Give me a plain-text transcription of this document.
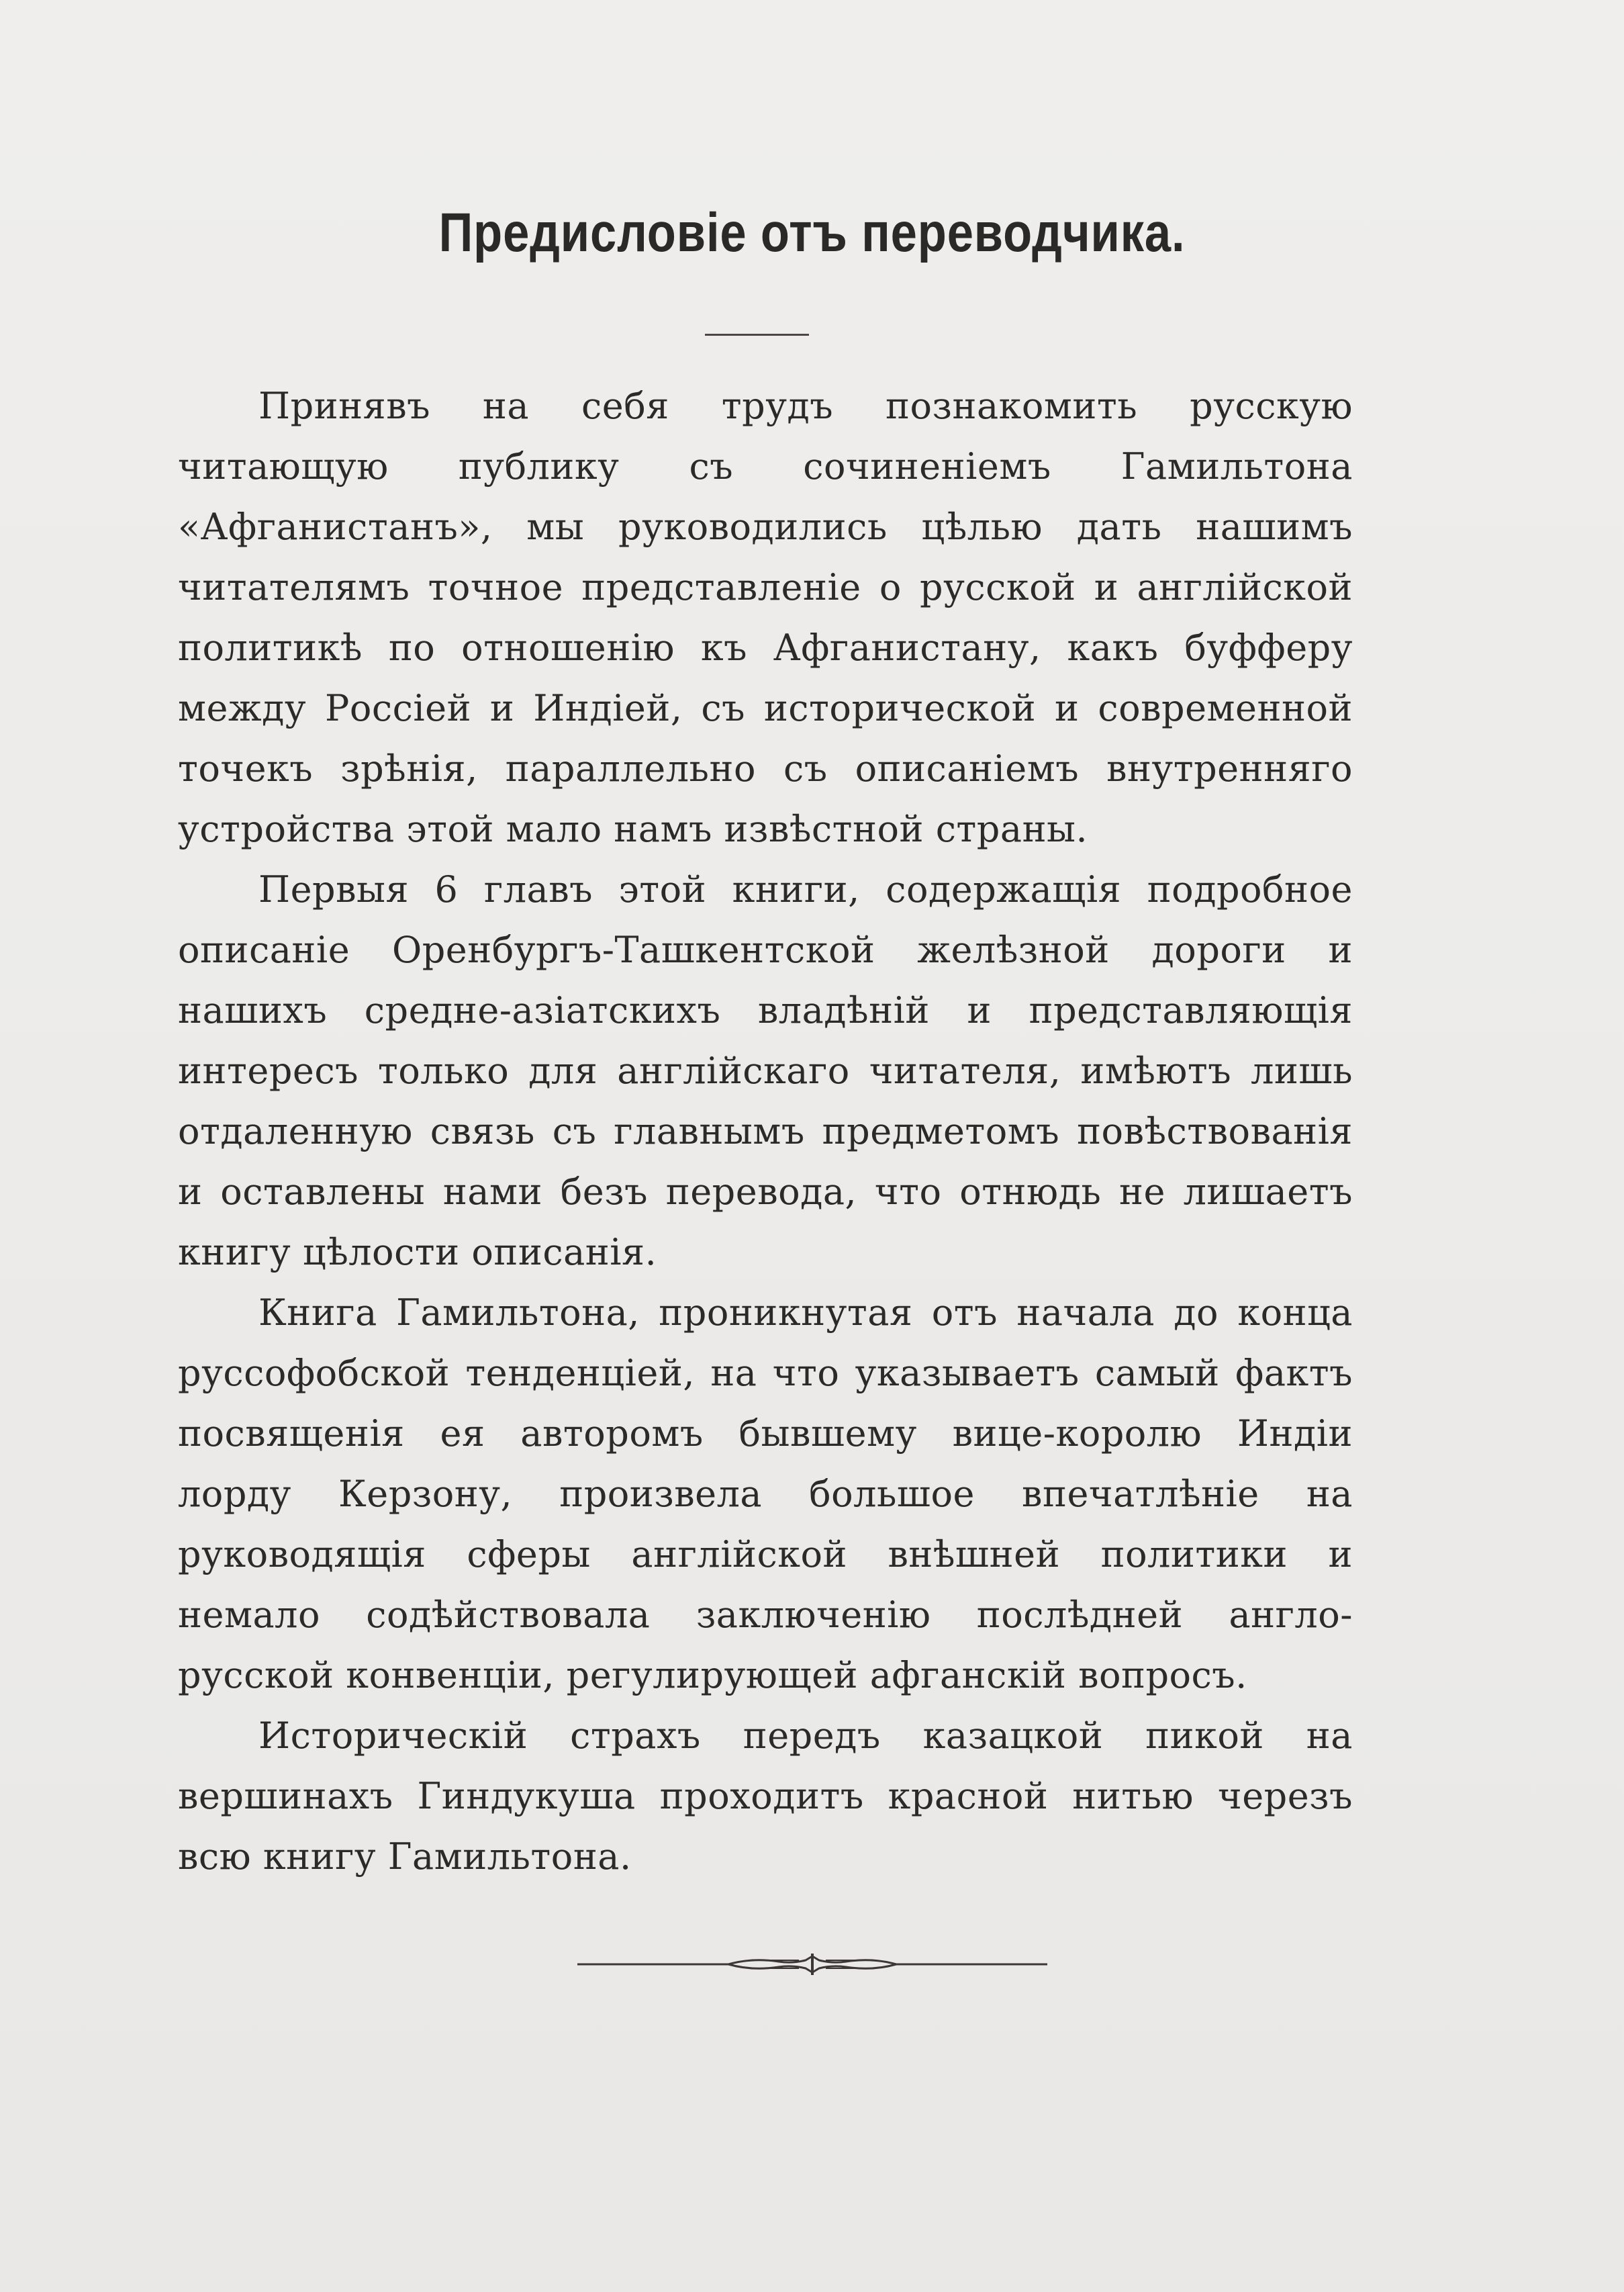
Предисловіе отъ переводчика.

Принявъ на себя трудъ познакомить русскую читающую публику съ сочиненіемъ Гамильтона «Афганистанъ», мы руководились цѣлью дать нашимъ читателямъ точное представленіе о русской и англійской политикѣ по отношенію къ Афганистану, какъ буфферу между Россіей и Индіей, съ исторической и современной точекъ зрѣнія, параллельно съ описаніемъ внутренняго устройства этой мало намъ извѣстной страны.

Первыя 6 главъ этой книги, содержащія подробное описаніе Оренбургъ-Ташкентской желѣзной дороги и нашихъ средне-азіатскихъ владѣній и представляющія интересъ только для англійскаго читателя, имѣютъ лишь отдаленную связь съ главнымъ предметомъ повѣствованія и оставлены нами безъ перевода, что отнюдь не лишаетъ книгу цѣлости описанія.

Книга Гамильтона, проникнутая отъ начала до конца руссофобской тенденціей, на что указываетъ самый фактъ посвященія ея авторомъ бывшему вице-королю Индіи лорду Керзону, произвела большое впечатлѣніе на руководящія сферы англійской внѣшней политики и немало содѣйствовала заключенію послѣдней англо-русской конвенціи, регулирующей афганскій вопросъ.

Историческій страхъ передъ казацкой пикой на вершинахъ Гиндукуша проходитъ красной нитью черезъ всю книгу Гамильтона.
